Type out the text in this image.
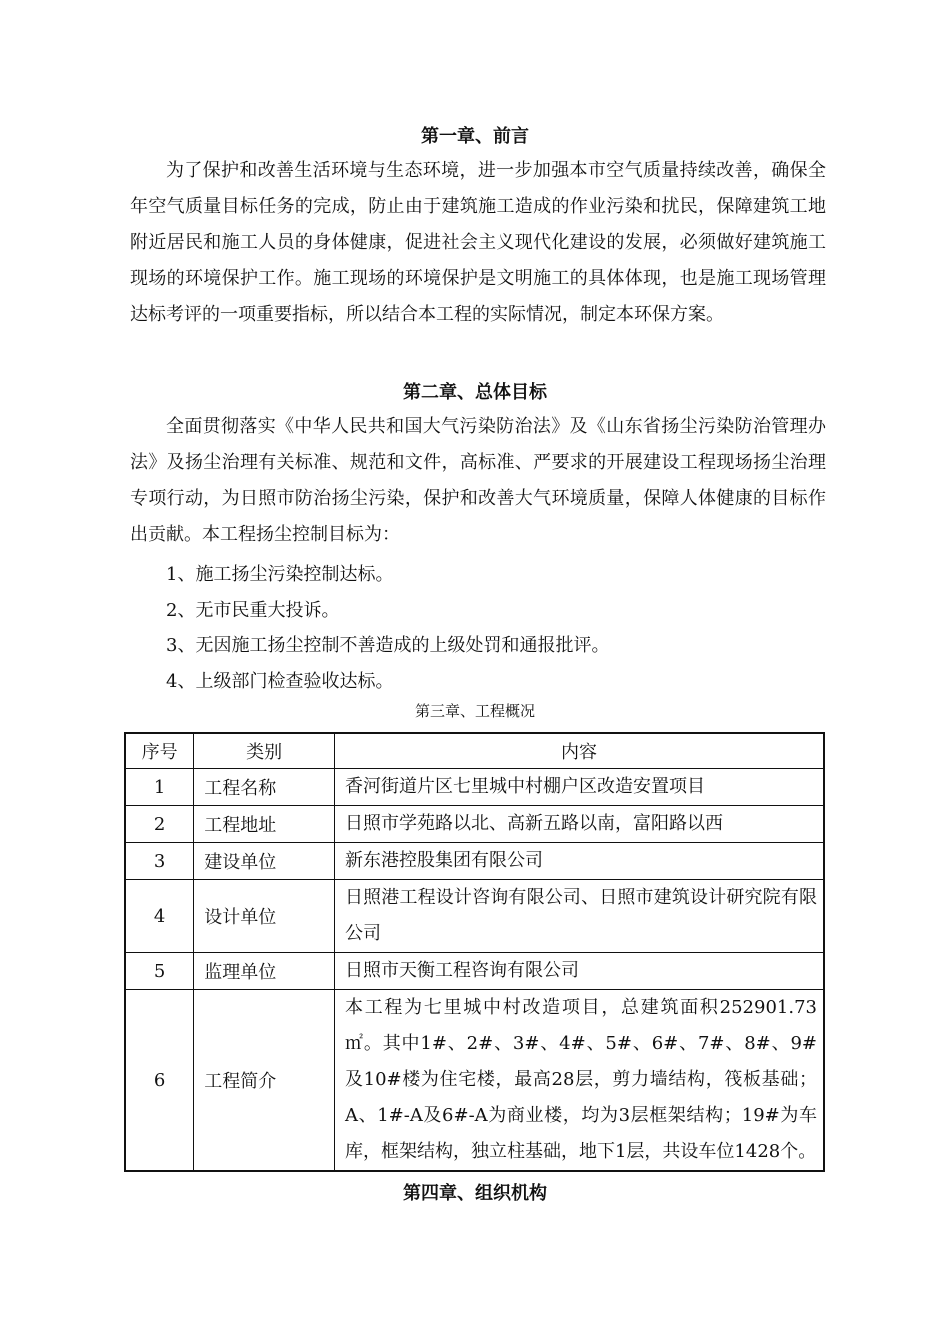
第一章、前言
为了保护和改善生活环境与生态环境，进一步加强本市空气质量持续改善，确保全年空气质量目标任务的完成，防止由于建筑施工造成的作业污染和扰民，保障建筑工地附近居民和施工人员的身体健康，促进社会主义现代化建设的发展，必须做好建筑施工现场的环境保护工作。施工现场的环境保护是文明施工的具体体现，也是施工现场管理达标考评的一项重要指标，所以结合本工程的实际情况，制定本环保方案。
第二章、总体目标
全面贯彻落实《中华人民共和国大气污染防治法》及《山东省扬尘污染防治管理办法》及扬尘治理有关标准、规范和文件，高标准、严要求的开展建设工程现场扬尘治理专项行动，为日照市防治扬尘污染，保护和改善大气环境质量，保障人体健康的目标作出贡献。本工程扬尘控制目标为：

1、施工扬尘污染控制达标。

2、无市民重大投诉。

3、无因施工扬尘控制不善造成的上级处罚和通报批评。

4、上级部门检查验收达标。

第三章、工程概况
序号	类别	内容
1	工程名称	香河街道片区七里城中村棚户区改造安置项目
2	工程地址	日照市学苑路以北、高新五路以南，富阳路以西
3	建设单位	新东港控股集团有限公司
4	设计单位	日照港工程设计咨询有限公司、日照市建筑设计研究院有限公司
5	监理单位	日照市天衡工程咨询有限公司
6	工程简介	本工程为七里城中村改造项目，总建筑面积252901.73㎡。其中1#、2#、3#、4#、5#、6#、7#、8#、9#及10#楼为住宅楼，最高28层，剪力墙结构，筏板基础；A、1#-A及6#-A为商业楼，均为3层框架结构；19#为车库，框架结构，独立柱基础，地下1层，共设车位1428个。
第四章、组织机构
